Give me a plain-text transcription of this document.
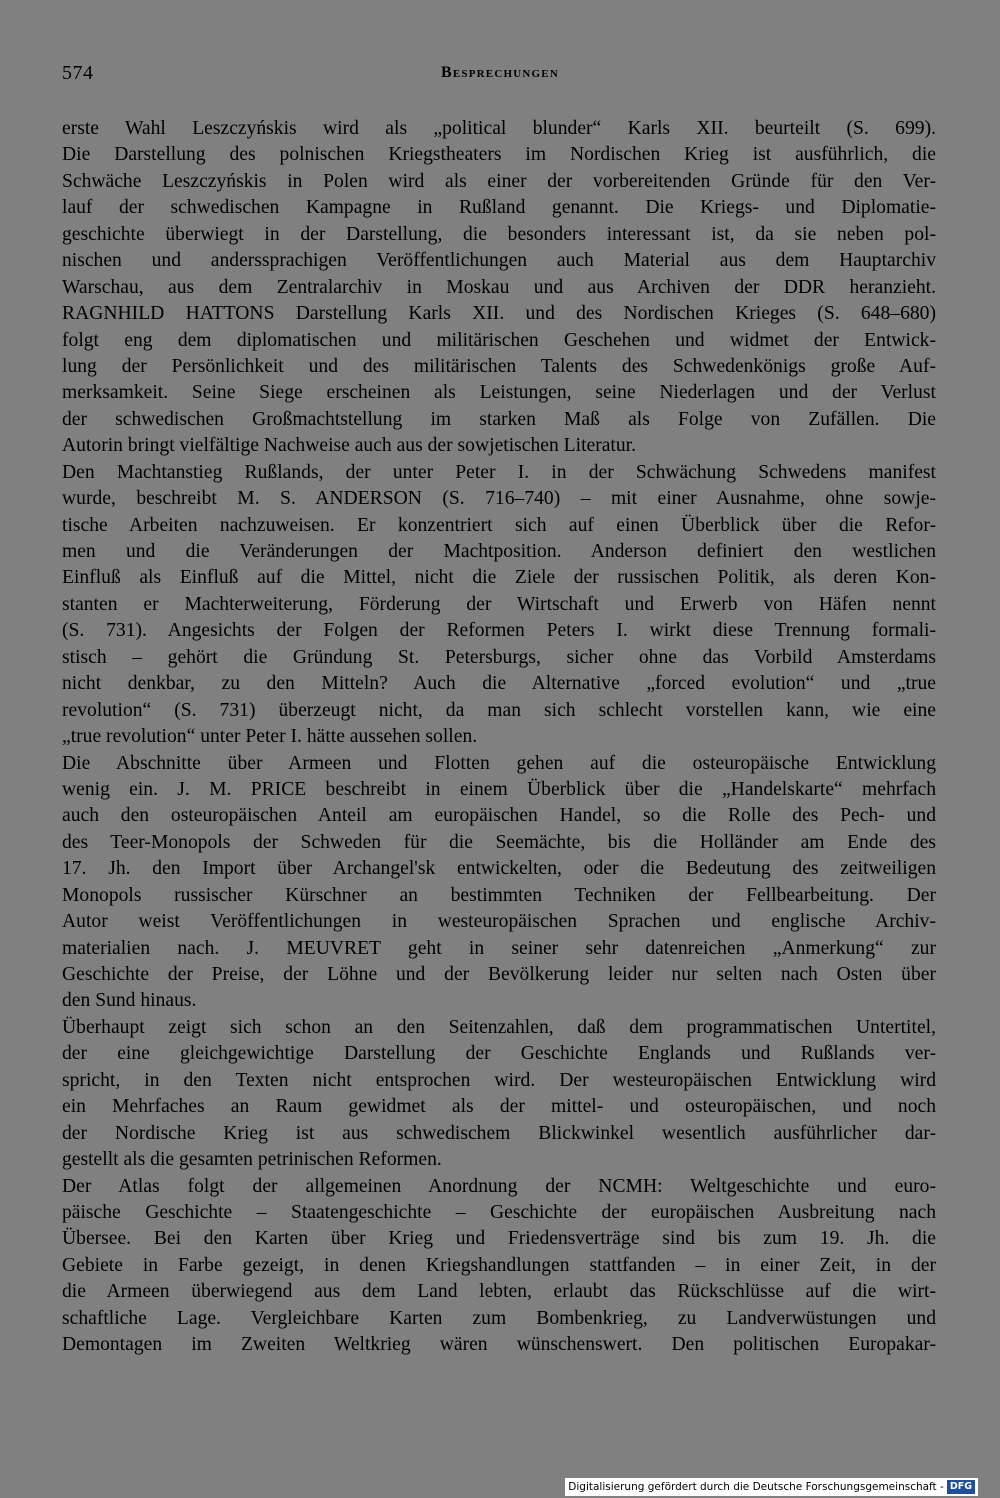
574	Besprechungen
erste Wahl Leszczyńskis wird als „political blunder“ Karls XII. beurteilt (S. 699).
Die Darstellung des polnischen Kriegstheaters im Nordischen Krieg ist ausführlich, die
Schwäche Leszczyńskis in Polen wird als einer der vorbereitenden Gründe für den Ver-
lauf der schwedischen Kampagne in Rußland genannt. Die Kriegs- und Diplomatie-
geschichte überwiegt in der Darstellung, die besonders interessant ist, da sie neben pol-
nischen und anderssprachigen Veröffentlichungen auch Material aus dem Hauptarchiv
Warschau, aus dem Zentralarchiv in Moskau und aus Archiven der DDR heranzieht.
RAGNHILD HATTONS Darstellung Karls XII. und des Nordischen Krieges (S. 648–680)
folgt eng dem diplomatischen und militärischen Geschehen und widmet der Entwick-
lung der Persönlichkeit und des militärischen Talents des Schwedenkönigs große Auf-
merksamkeit. Seine Siege erscheinen als Leistungen, seine Niederlagen und der Verlust
der schwedischen Großmachtstellung im starken Maß als Folge von Zufällen. Die
Autorin bringt vielfältige Nachweise auch aus der sowjetischen Literatur.
Den Machtanstieg Rußlands, der unter Peter I. in der Schwächung Schwedens manifest
wurde, beschreibt M. S. ANDERSON (S. 716–740) – mit einer Ausnahme, ohne sowje-
tische Arbeiten nachzuweisen. Er konzentriert sich auf einen Überblick über die Refor-
men und die Veränderungen der Machtposition. Anderson definiert den westlichen
Einfluß als Einfluß auf die Mittel, nicht die Ziele der russischen Politik, als deren Kon-
stanten er Machterweiterung, Förderung der Wirtschaft und Erwerb von Häfen nennt
(S. 731). Angesichts der Folgen der Reformen Peters I. wirkt diese Trennung formali-
stisch – gehört die Gründung St. Petersburgs, sicher ohne das Vorbild Amsterdams
nicht denkbar, zu den Mitteln? Auch die Alternative „forced evolution“ und „true
revolution“ (S. 731) überzeugt nicht, da man sich schlecht vorstellen kann, wie eine
„true revolution“ unter Peter I. hätte aussehen sollen.
Die Abschnitte über Armeen und Flotten gehen auf die osteuropäische Entwicklung
wenig ein. J. M. PRICE beschreibt in einem Überblick über die „Handelskarte“ mehrfach
auch den osteuropäischen Anteil am europäischen Handel, so die Rolle des Pech- und
des Teer-Monopols der Schweden für die Seemächte, bis die Holländer am Ende des
17. Jh. den Import über Archangel'sk entwickelten, oder die Bedeutung des zeitweiligen
Monopols russischer Kürschner an bestimmten Techniken der Fellbearbeitung. Der
Autor weist Veröffentlichungen in westeuropäischen Sprachen und englische Archiv-
materialien nach. J. MEUVRET geht in seiner sehr datenreichen „Anmerkung“ zur
Geschichte der Preise, der Löhne und der Bevölkerung leider nur selten nach Osten über
den Sund hinaus.
Überhaupt zeigt sich schon an den Seitenzahlen, daß dem programmatischen Untertitel,
der eine gleichgewichtige Darstellung der Geschichte Englands und Rußlands ver-
spricht, in den Texten nicht entsprochen wird. Der westeuropäischen Entwicklung wird
ein Mehrfaches an Raum gewidmet als der mittel- und osteuropäischen, und noch
der Nordische Krieg ist aus schwedischem Blickwinkel wesentlich ausführlicher dar-
gestellt als die gesamten petrinischen Reformen.
Der Atlas folgt der allgemeinen Anordnung der NCMH: Weltgeschichte und euro-
päische Geschichte – Staatengeschichte – Geschichte der europäischen Ausbreitung nach
Übersee. Bei den Karten über Krieg und Friedensverträge sind bis zum 19. Jh. die
Gebiete in Farbe gezeigt, in denen Kriegshandlungen stattfanden – in einer Zeit, in der
die Armeen überwiegend aus dem Land lebten, erlaubt das Rückschlüsse auf die wirt-
schaftliche Lage. Vergleichbare Karten zum Bombenkrieg, zu Landverwüstungen und
Demontagen im Zweiten Weltkrieg wären wünschenswert. Den politischen Europakar-
Digitalisierung gefördert durch die Deutsche Forschungsgemeinschaft - DFG
